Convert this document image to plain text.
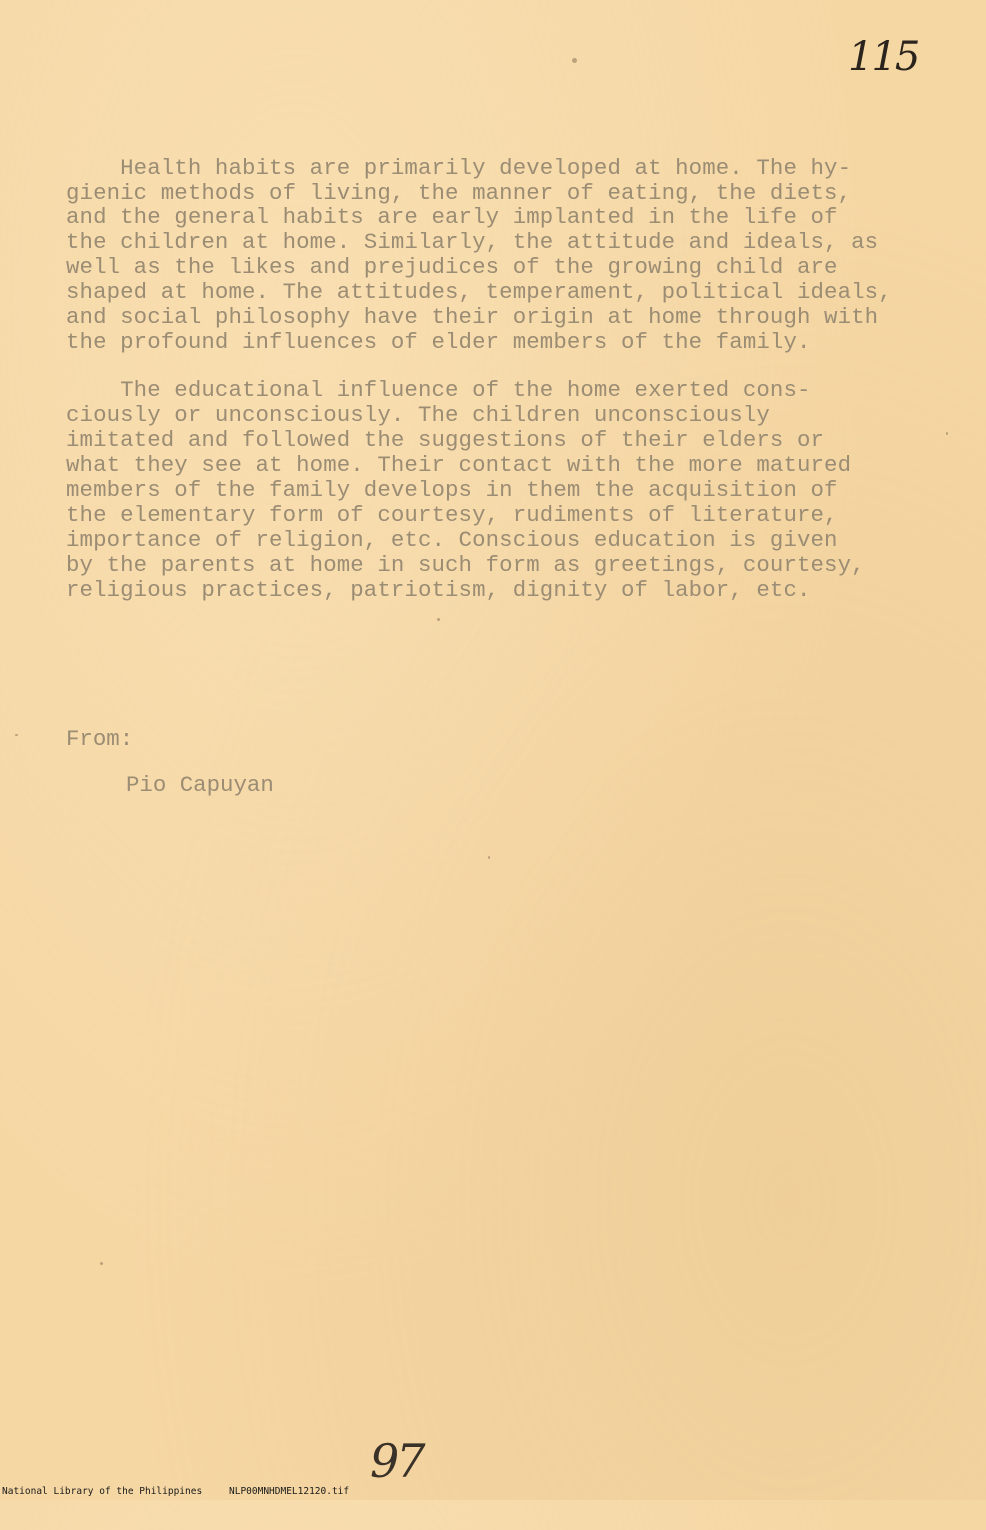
115
Health habits are primarily developed at home. The hy-
gienic methods of living, the manner of eating, the diets,
and the general habits are early implanted in the life of
the children at home. Similarly, the attitude and ideals, as
well as the likes and prejudices of the growing child are
shaped at home. The attitudes, temperament, political ideals,
and social philosophy have their origin at home through with
the profound influences of elder members of the family.
The educational influence of the home exerted cons-
ciously or unconsciously. The children unconsciously
imitated and followed the suggestions of their elders or
what they see at home. Their contact with the more matured
members of the family develops in them the acquisition of
the elementary form of courtesy, rudiments of literature,
importance of religion, etc. Conscious education is given
by the parents at home in such form as greetings, courtesy,
religious practices, patriotism, dignity of labor, etc.
From:
Pio Capuyan
97

National Library of the Philippines

	NLP00MNHDMEL12120.tif
